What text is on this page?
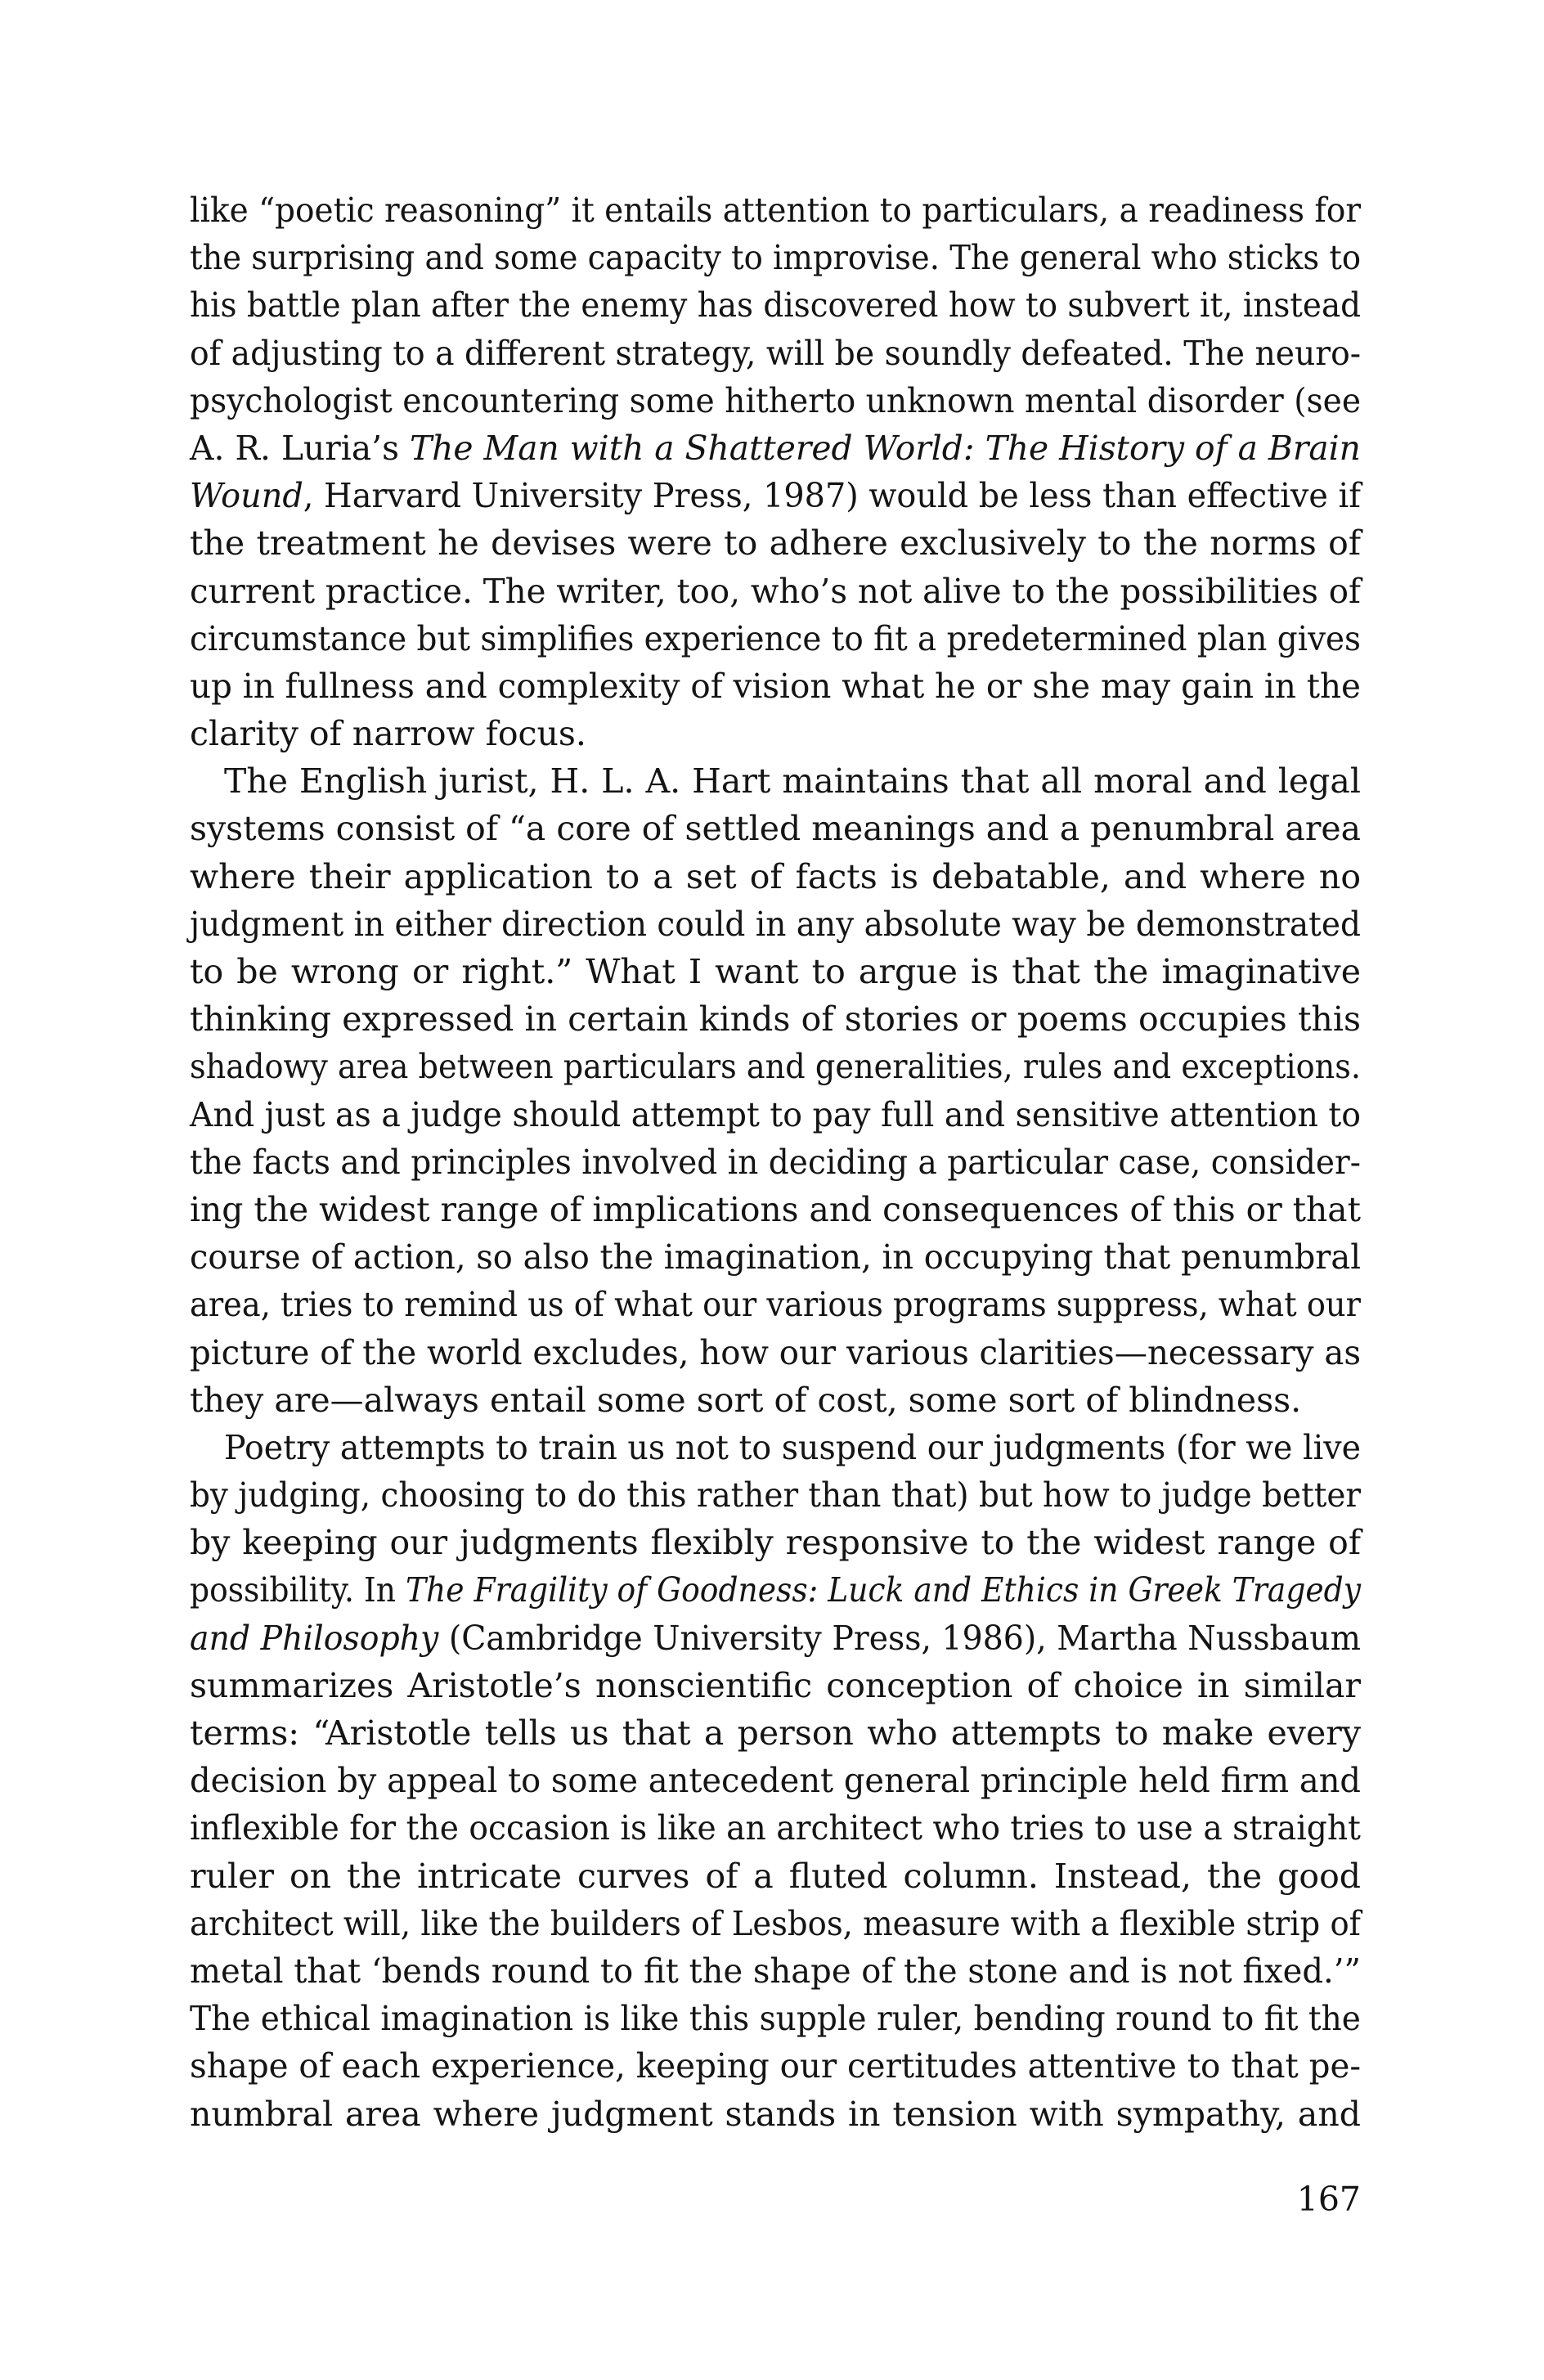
like “poetic reasoning” it entails attention to particulars, a readiness for
the surprising and some capacity to improvise. The general who sticks to
his battle plan after the enemy has discovered how to subvert it, instead
of adjusting to a different strategy, will be soundly defeated. The neuro-
psychologist encountering some hitherto unknown mental disorder (see
A. R. Luria’s The Man with a Shattered World: The History of a Brain
Wound, Harvard University Press, 1987) would be less than effective if
the treatment he devises were to adhere exclusively to the norms of
current practice. The writer, too, who’s not alive to the possibilities of
circumstance but simplifies experience to fit a predetermined plan gives
up in fullness and complexity of vision what he or she may gain in the
clarity of narrow focus.
The English jurist, H. L. A. Hart maintains that all moral and legal
systems consist of “a core of settled meanings and a penumbral area
where their application to a set of facts is debatable, and where no
judgment in either direction could in any absolute way be demonstrated
to be wrong or right.” What I want to argue is that the imaginative
thinking expressed in certain kinds of stories or poems occupies this
shadowy area between particulars and generalities, rules and exceptions.
And just as a judge should attempt to pay full and sensitive attention to
the facts and principles involved in deciding a particular case, consider-
ing the widest range of implications and consequences of this or that
course of action, so also the imagination, in occupying that penumbral
area, tries to remind us of what our various programs suppress, what our
picture of the world excludes, how our various clarities—necessary as
they are—always entail some sort of cost, some sort of blindness.
Poetry attempts to train us not to suspend our judgments (for we live
by judging, choosing to do this rather than that) but how to judge better
by keeping our judgments flexibly responsive to the widest range of
possibility. In The Fragility of Goodness: Luck and Ethics in Greek Tragedy
and Philosophy (Cambridge University Press, 1986), Martha Nussbaum
summarizes Aristotle’s nonscientific conception of choice in similar
terms: “Aristotle tells us that a person who attempts to make every
decision by appeal to some antecedent general principle held firm and
inflexible for the occasion is like an architect who tries to use a straight
ruler on the intricate curves of a fluted column. Instead, the good
architect will, like the builders of Lesbos, measure with a flexible strip of
metal that ‘bends round to fit the shape of the stone and is not fixed.’”
The ethical imagination is like this supple ruler, bending round to fit the
shape of each experience, keeping our certitudes attentive to that pe-
numbral area where judgment stands in tension with sympathy, and
167
